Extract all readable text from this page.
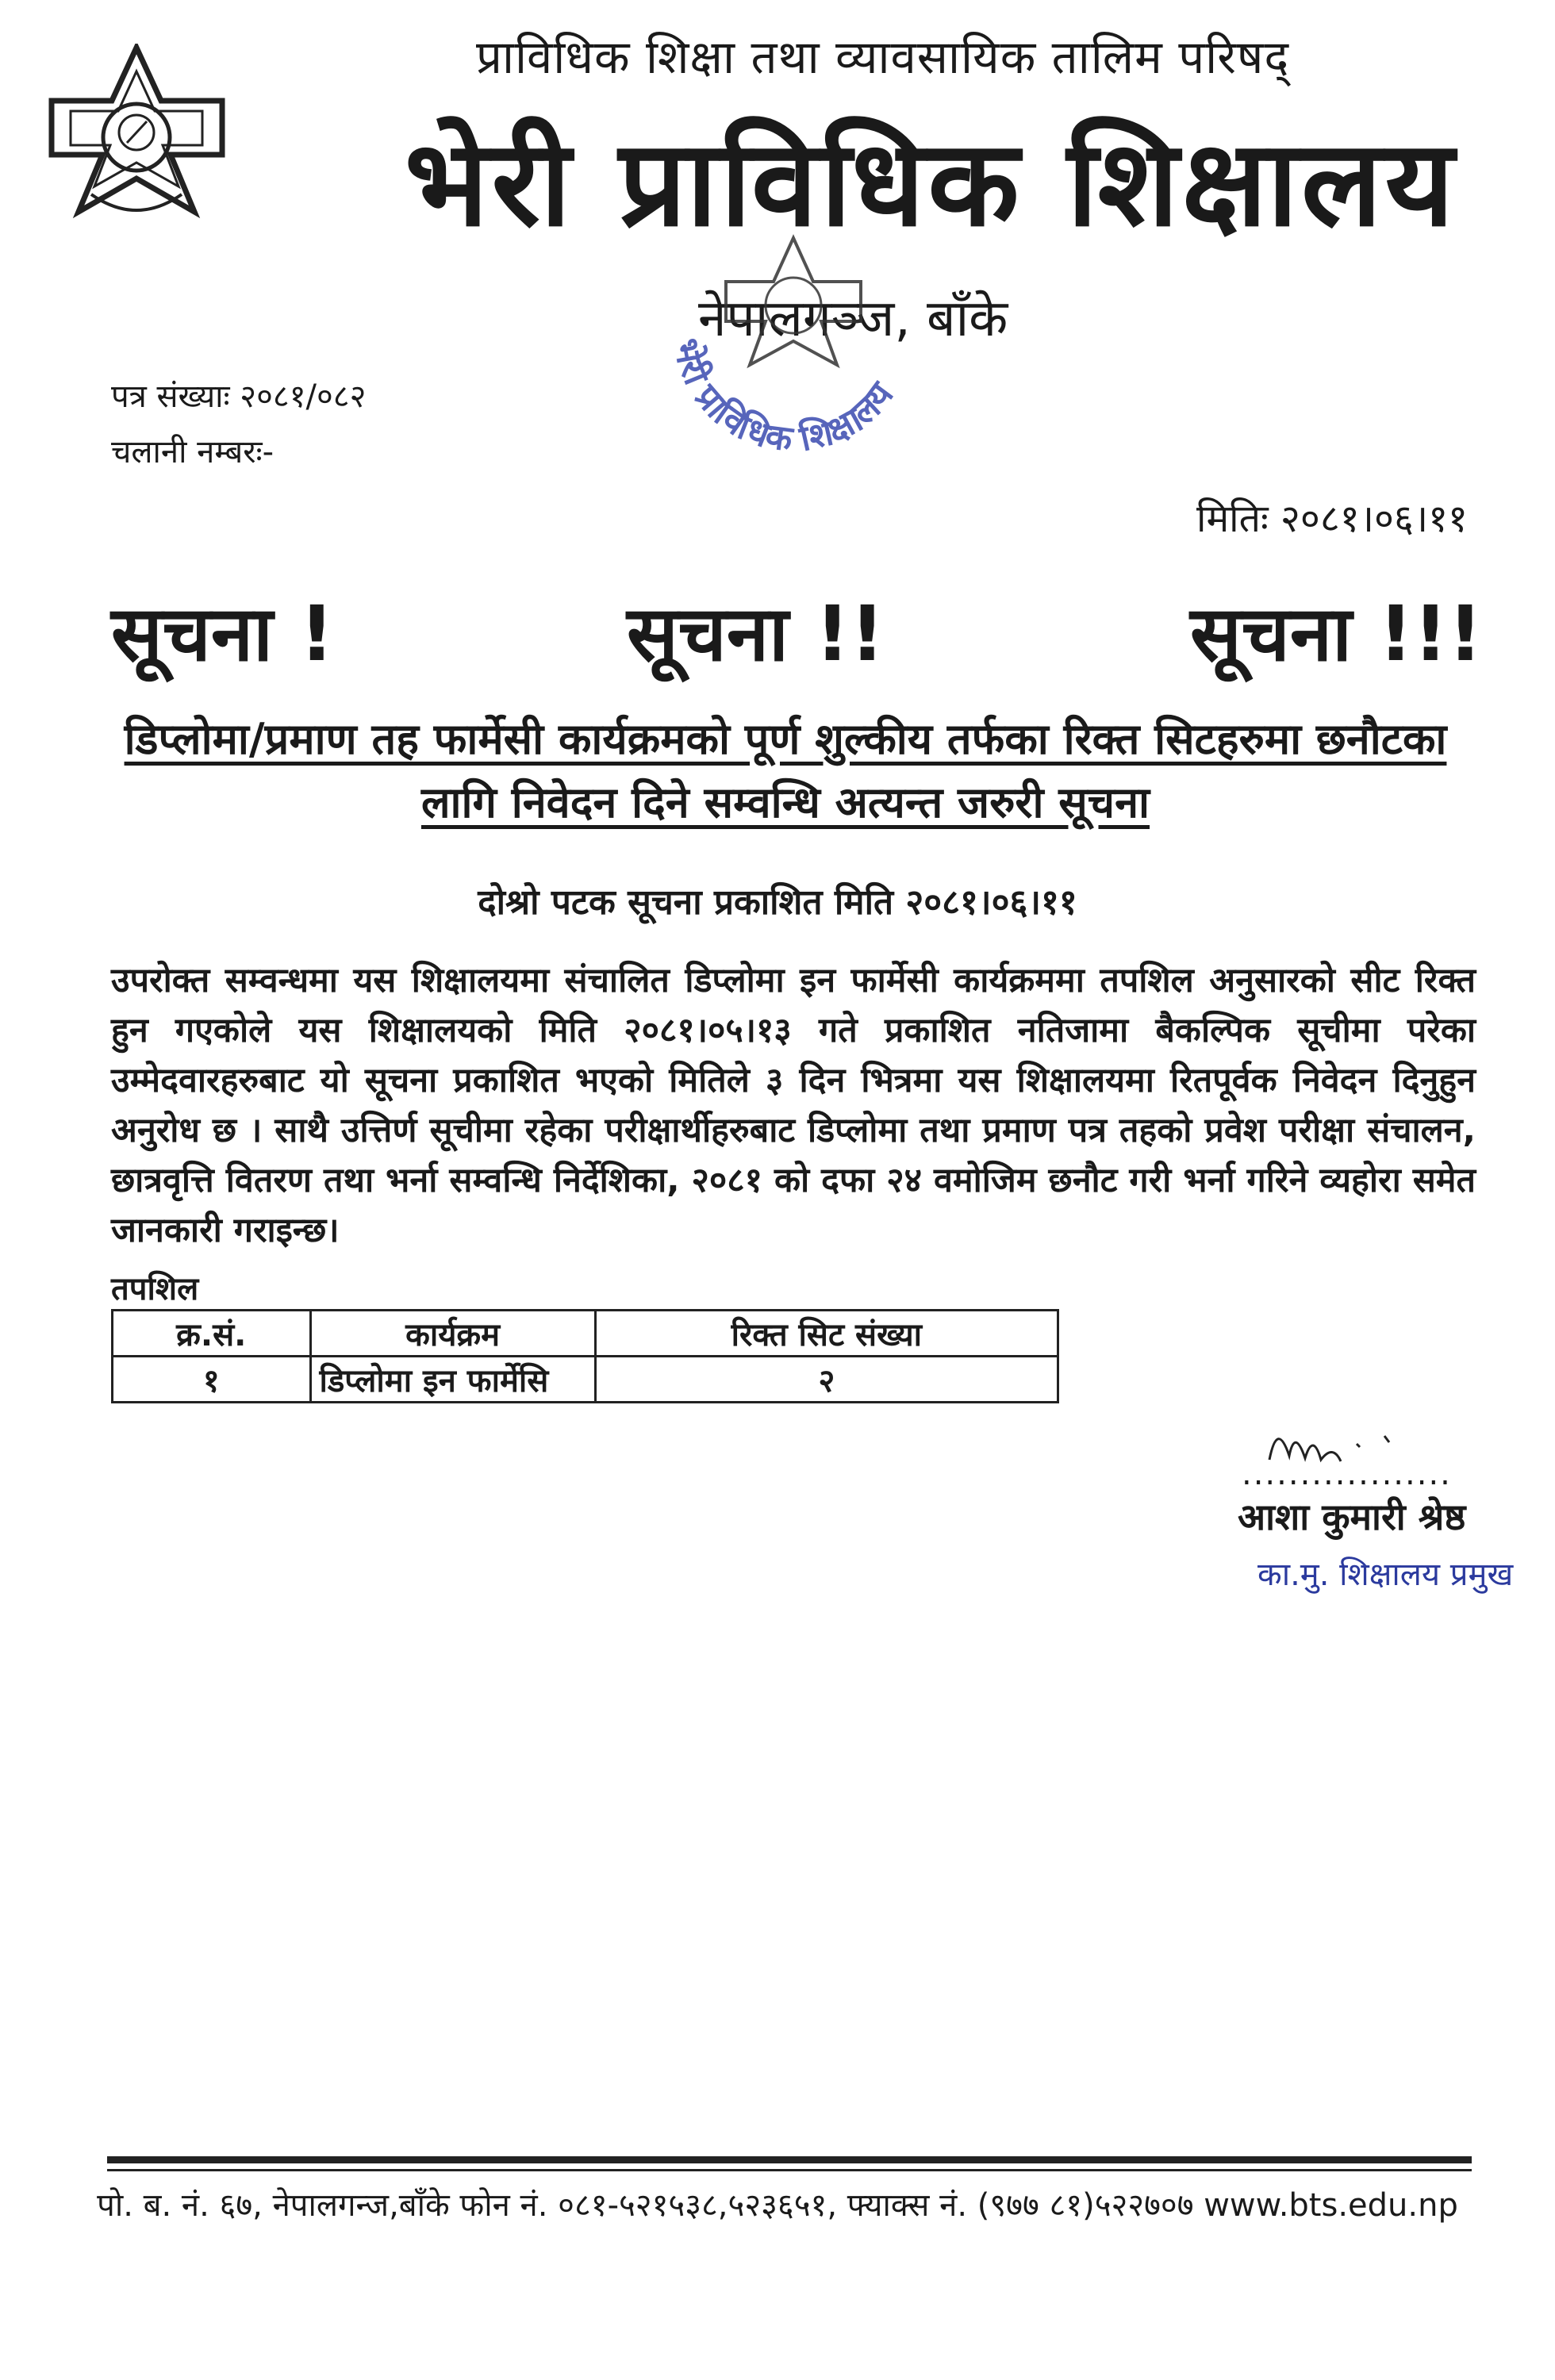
प्राविधिक शिक्षा तथा व्यावसायिक तालिम परिषद्
भेरी प्राविधिक शिक्षालय
नेपालगञ्ज, बाँके
भेरी प्राविधिक शिक्षालय
पत्र संख्याः २०८१/०८२
चलानी नम्बरः-
मितिः २०८१।०६।११
सूचना !	सूचना !!	सूचना !!!
डिप्लोमा/प्रमाण तह फार्मेसी कार्यक्रमको पूर्ण शुल्कीय तर्फका रिक्त सिटहरुमा छनौटका
लागि निवेदन दिने सम्वन्धि अत्यन्त जरुरी सूचना
दोश्रो पटक सूचना प्रकाशित मिति २०८१।०६।११
उपरोक्त सम्वन्धमा यस शिक्षालयमा संचालित डिप्लोमा इन फार्मेसी कार्यक्रममा तपशिल अनुसारको सीट रिक्त हुन गएकोले यस शिक्षालयको मिति २०८१।०५।१३ गते प्रकाशित नतिजामा बैकल्पिक सूचीमा परेका उम्मेदवारहरुबाट यो सूचना प्रकाशित भएको मितिले ३ दिन भित्रमा यस शिक्षालयमा रितपूर्वक निवेदन दिनुहुन अनुरोध छ । साथै उत्तिर्ण सूचीमा रहेका परीक्षार्थीहरुबाट डिप्लोमा तथा प्रमाण पत्र तहको प्रवेश परीक्षा संचालन, छात्रवृत्ति वितरण तथा भर्ना सम्वन्धि निर्देशिका, २०८१ को दफा २४ वमोजिम छनौट गरी भर्ना गरिने व्यहोरा समेत जानकारी गराइन्छ।
तपशिल
क्र.सं.	कार्यक्रम	रिक्त सिट संख्या
१	डिप्लोमा इन फार्मेसि	२
..................
आशा कुमारी श्रेष्ठ
का.मु. शिक्षालय प्रमुख
पो. ब. नं. ६७, नेपालगन्ज,बाँके फोन नं. ०८१-५२१५३८,५२३६५१, फ्याक्स नं. (९७७ ८१)५२२७०७ www.bts.edu.np
